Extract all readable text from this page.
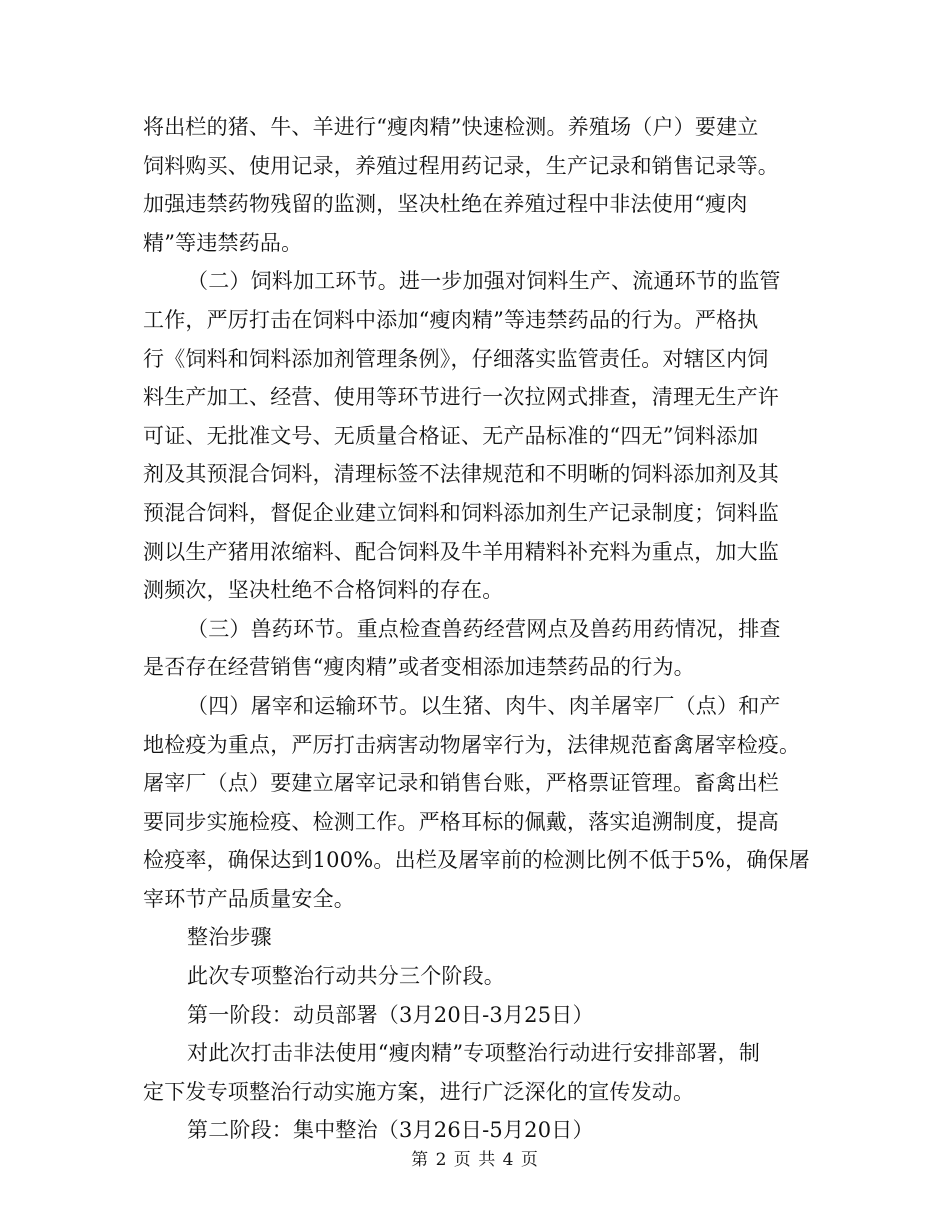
将出栏的猪、牛、羊进行“瘦肉精”快速检测。养殖场（户）要建立
饲料购买、使用记录，养殖过程用药记录，生产记录和销售记录等。
加强违禁药物残留的监测，坚决杜绝在养殖过程中非法使用“瘦肉
精”等违禁药品。
（二）饲料加工环节。进一步加强对饲料生产、流通环节的监管
工作，严厉打击在饲料中添加“瘦肉精”等违禁药品的行为。严格执
行《饲料和饲料添加剂管理条例》，仔细落实监管责任。对辖区内饲
料生产加工、经营、使用等环节进行一次拉网式排查，清理无生产许
可证、无批准文号、无质量合格证、无产品标准的“四无”饲料添加
剂及其预混合饲料，清理标签不法律规范和不明晰的饲料添加剂及其
预混合饲料，督促企业建立饲料和饲料添加剂生产记录制度；饲料监
测以生产猪用浓缩料、配合饲料及牛羊用精料补充料为重点，加大监
测频次，坚决杜绝不合格饲料的存在。
（三）兽药环节。重点检查兽药经营网点及兽药用药情况，排查
是否存在经营销售“瘦肉精”或者变相添加违禁药品的行为。
（四）屠宰和运输环节。以生猪、肉牛、肉羊屠宰厂（点）和产
地检疫为重点，严厉打击病害动物屠宰行为，法律规范畜禽屠宰检疫。
屠宰厂（点）要建立屠宰记录和销售台账，严格票证管理。畜禽出栏
要同步实施检疫、检测工作。严格耳标的佩戴，落实追溯制度，提高
检疫率，确保达到100%。出栏及屠宰前的检测比例不低于5%，确保屠
宰环节产品质量安全。
整治步骤
此次专项整治行动共分三个阶段。
第一阶段：动员部署（3月20日-3月25日）
对此次打击非法使用“瘦肉精”专项整治行动进行安排部署，制
定下发专项整治行动实施方案，进行广泛深化的宣传发动。
第二阶段：集中整治（3月26日-5月20日）
第 2 页 共 4 页
